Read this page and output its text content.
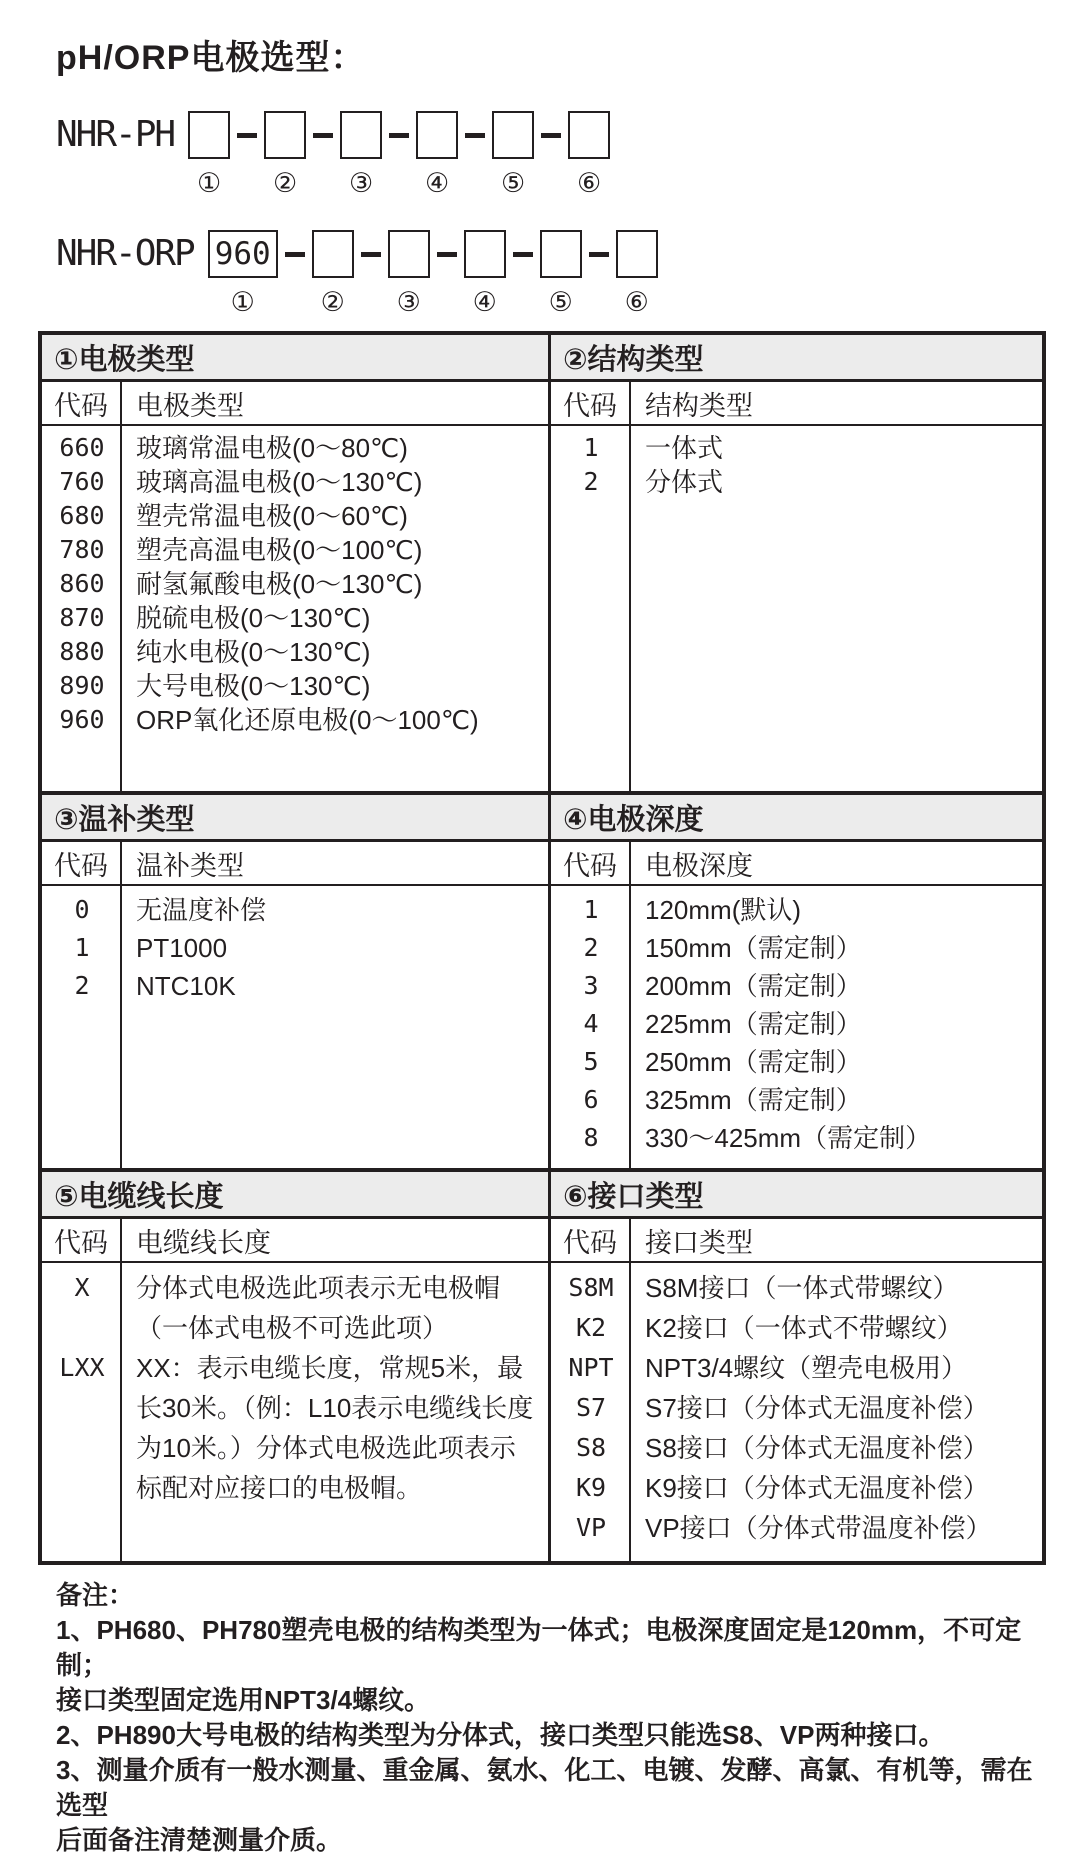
pH/ORP电极选型：
NHR-PH
① ② ③ ④ ⑤ ⑥
NHR-ORP 960
① ② ③ ④ ⑤ ⑥
①电极类型
代码	电极类型
660	玻璃常温电极(0～80℃)
760	玻璃高温电极(0～130℃)
680	塑壳常温电极(0～60℃)
780	塑壳高温电极(0～100℃)
860	耐氢氟酸电极(0～130℃)
870	脱硫电极(0～130℃)
880	纯水电极(0～130℃)
890	大号电极(0～130℃)
960	ORP氧化还原电极(0～100℃)
②结构类型
代码	结构类型
1	一体式
2	分体式
③温补类型
代码	温补类型
0	无温度补偿
1	PT1000
2	NTC10K
④电极深度
代码	电极深度
1	120mm(默认)
2	150mm（需定制）
3	200mm（需定制）
4	225mm（需定制）
5	250mm（需定制）
6	325mm（需定制）
8	330～425mm（需定制）
⑤电缆线长度
代码	电缆线长度
X	分体式电极选此项表示无电极帽（一体式电极不可选此项）
LXX	XX：表示电缆长度，常规5米，最长30米。（例：L10表示电缆线长度为10米。）分体式电极选此项表示标配对应接口的电极帽。
⑥接口类型
代码	接口类型
S8M	S8M接口（一体式带螺纹）
K2	K2接口（一体式不带螺纹）
NPT	NPT3/4螺纹（塑壳电极用）
S7	S7接口（分体式无温度补偿）
S8	S8接口（分体式无温度补偿）
K9	K9接口（分体式无温度补偿）
VP	VP接口（分体式带温度补偿）
备注：
1、PH680、PH780塑壳电极的结构类型为一体式；电极深度固定是120mm，不可定制；
接口类型固定选用NPT3/4螺纹。
2、PH890大号电极的结构类型为分体式，接口类型只能选S8、VP两种接口。
3、测量介质有一般水测量、重金属、氨水、化工、电镀、发酵、高氯、有机等，需在选型
后面备注清楚测量介质。
